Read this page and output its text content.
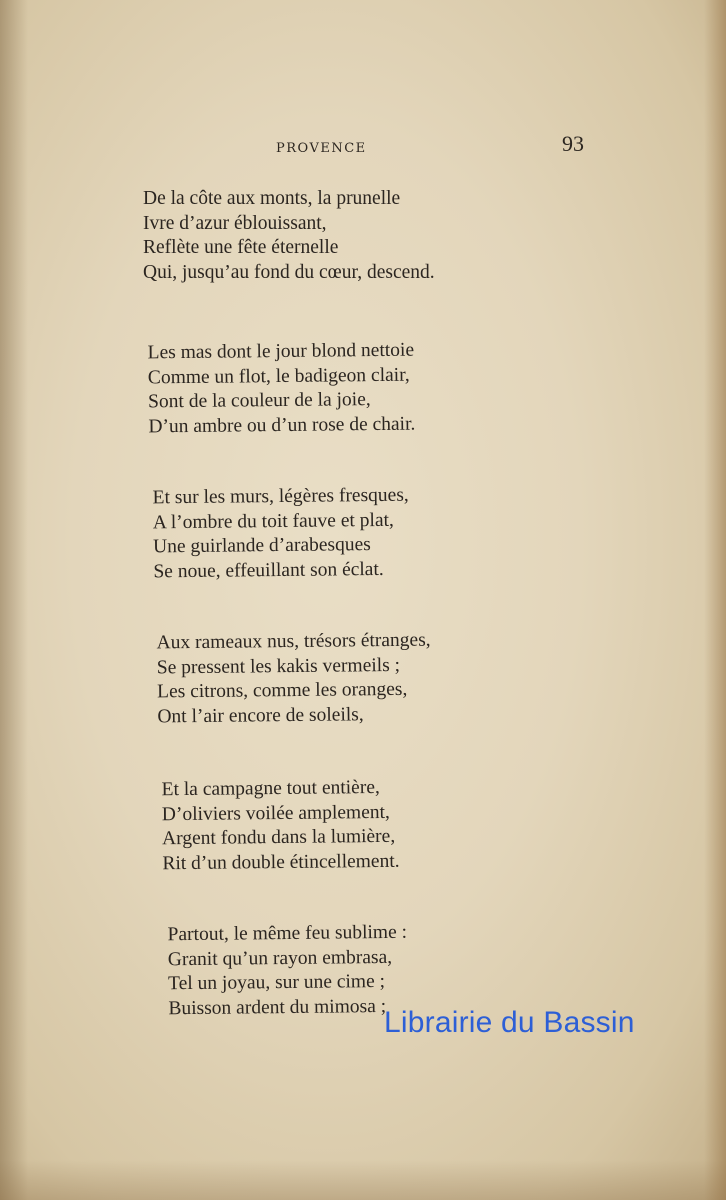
PROVENCE	93
De la côte aux monts, la prunelle
Ivre d’azur éblouissant,
Reflète une fête éternelle
Qui, jusqu’au fond du cœur, descend.
Les mas dont le jour blond nettoie
Comme un flot, le badigeon clair,
Sont de la couleur de la joie,
D’un ambre ou d’un rose de chair.
Et sur les murs, légères fresques,
A l’ombre du toit fauve et plat,
Une guirlande d’arabesques
Se noue, effeuillant son éclat.
Aux rameaux nus, trésors étranges,
Se pressent les kakis vermeils ;
Les citrons, comme les oranges,
Ont l’air encore de soleils,
Et la campagne tout entière,
D’oliviers voilée amplement,
Argent fondu dans la lumière,
Rit d’un double étincellement.
Partout, le même feu sublime :
Granit qu’un rayon embrasa,
Tel un joyau, sur une cime ;
Buisson ardent du mimosa ;
Librairie du Bassin
